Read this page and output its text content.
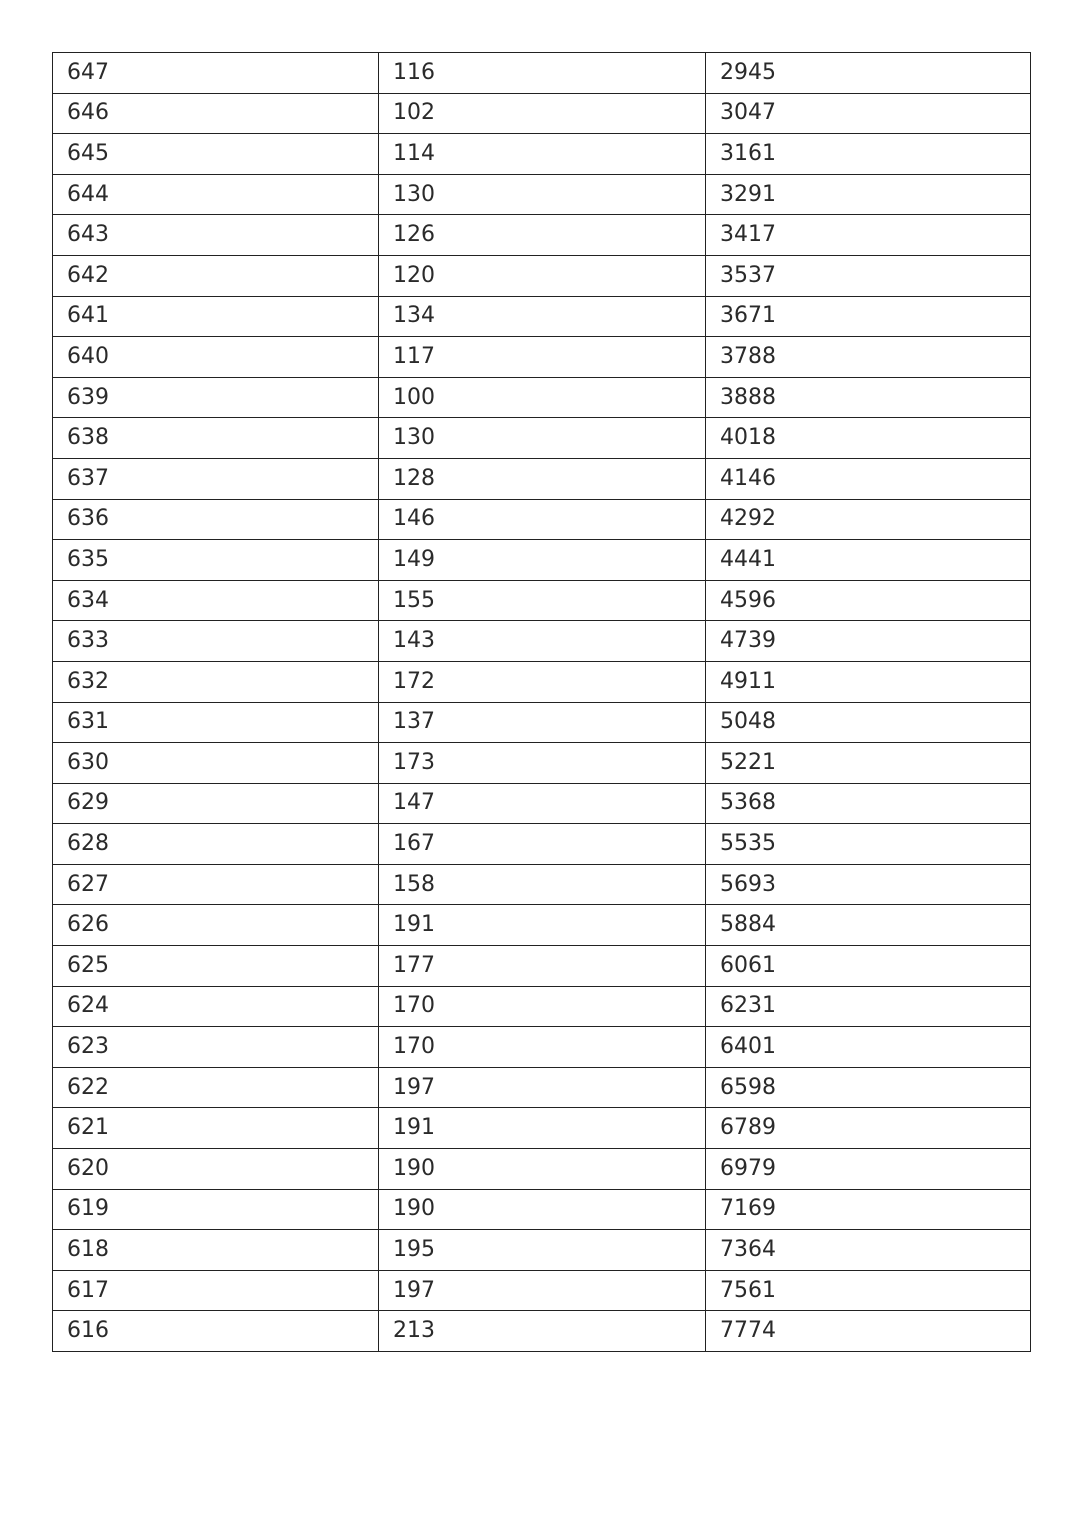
647	116	2945
646	102	3047
645	114	3161
644	130	3291
643	126	3417
642	120	3537
641	134	3671
640	117	3788
639	100	3888
638	130	4018
637	128	4146
636	146	4292
635	149	4441
634	155	4596
633	143	4739
632	172	4911
631	137	5048
630	173	5221
629	147	5368
628	167	5535
627	158	5693
626	191	5884
625	177	6061
624	170	6231
623	170	6401
622	197	6598
621	191	6789
620	190	6979
619	190	7169
618	195	7364
617	197	7561
616	213	7774
